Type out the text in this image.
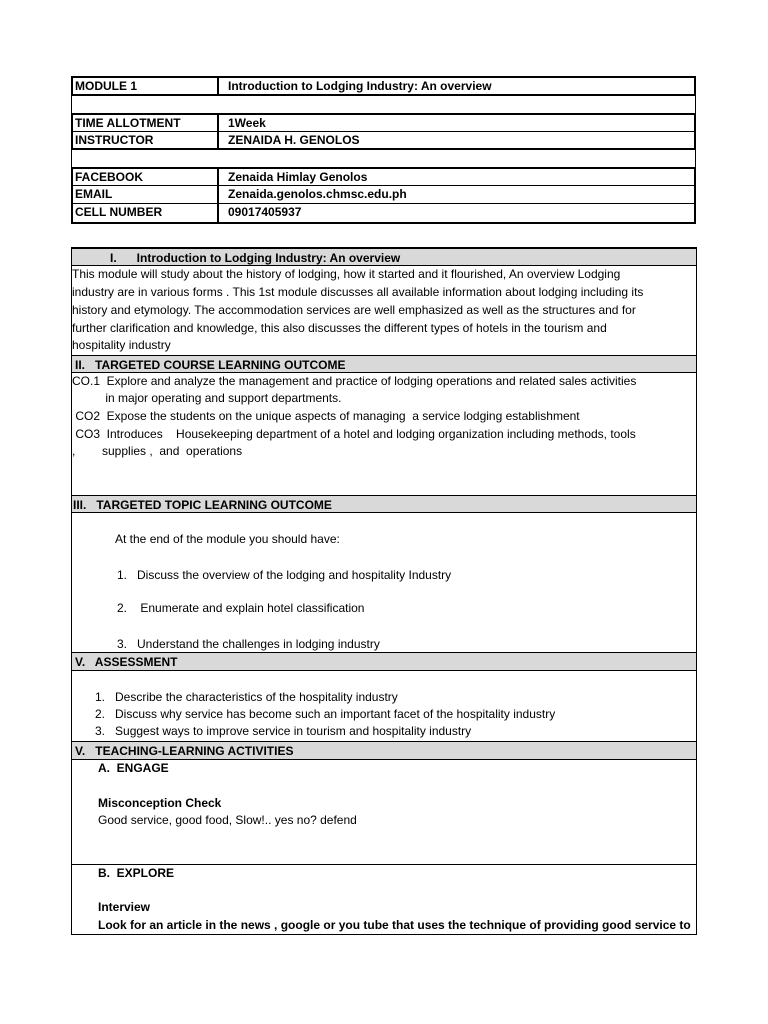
MODULE 1	Introduction to Lodging Industry: An overview
TIME ALLOTMENT	1Week
INSTRUCTOR	ZENAIDA H. GENOLOS
FACEBOOK	Zenaida Himlay Genolos
EMAIL	Zenaida.genolos.chmsc.edu.ph
CELL NUMBER	09017405937
I.      Introduction to Lodging Industry: An overview
This module will study about the history of lodging, how it started and it flourished, An overview Lodging
industry are in various forms . This 1st module discusses all available information about lodging including its
history and etymology. The accommodation services are well emphasized as well as the structures and for
further clarification and knowledge, this also discusses the different types of hotels in the tourism and
hospitality industry
II.   TARGETED COURSE LEARNING OUTCOME
CO.1  Explore and analyze the management and practice of lodging operations and related sales activities
in major operating and support departments.
CO2  Expose the students on the unique aspects of managing  a service lodging establishment
CO3  Introduces    Housekeeping department of a hotel and lodging organization including methods, tools
,        supplies ,  and  operations
III.   TARGETED TOPIC LEARNING OUTCOME
At the end of the module you should have:
1.   Discuss the overview of the lodging and hospitality Industry
2.    Enumerate and explain hotel classification
3.   Understand the challenges in lodging industry
V.   ASSESSMENT
1.   Describe the characteristics of the hospitality industry
2.   Discuss why service has become such an important facet of the hospitality industry
3.   Suggest ways to improve service in tourism and hospitality industry
V.   TEACHING-LEARNING ACTIVITIES
A.  ENGAGE
Misconception Check
Good service, good food, Slow!.. yes no? defend
B.  EXPLORE
Interview
Look for an article in the news , google or you tube that uses the technique of providing good service to
